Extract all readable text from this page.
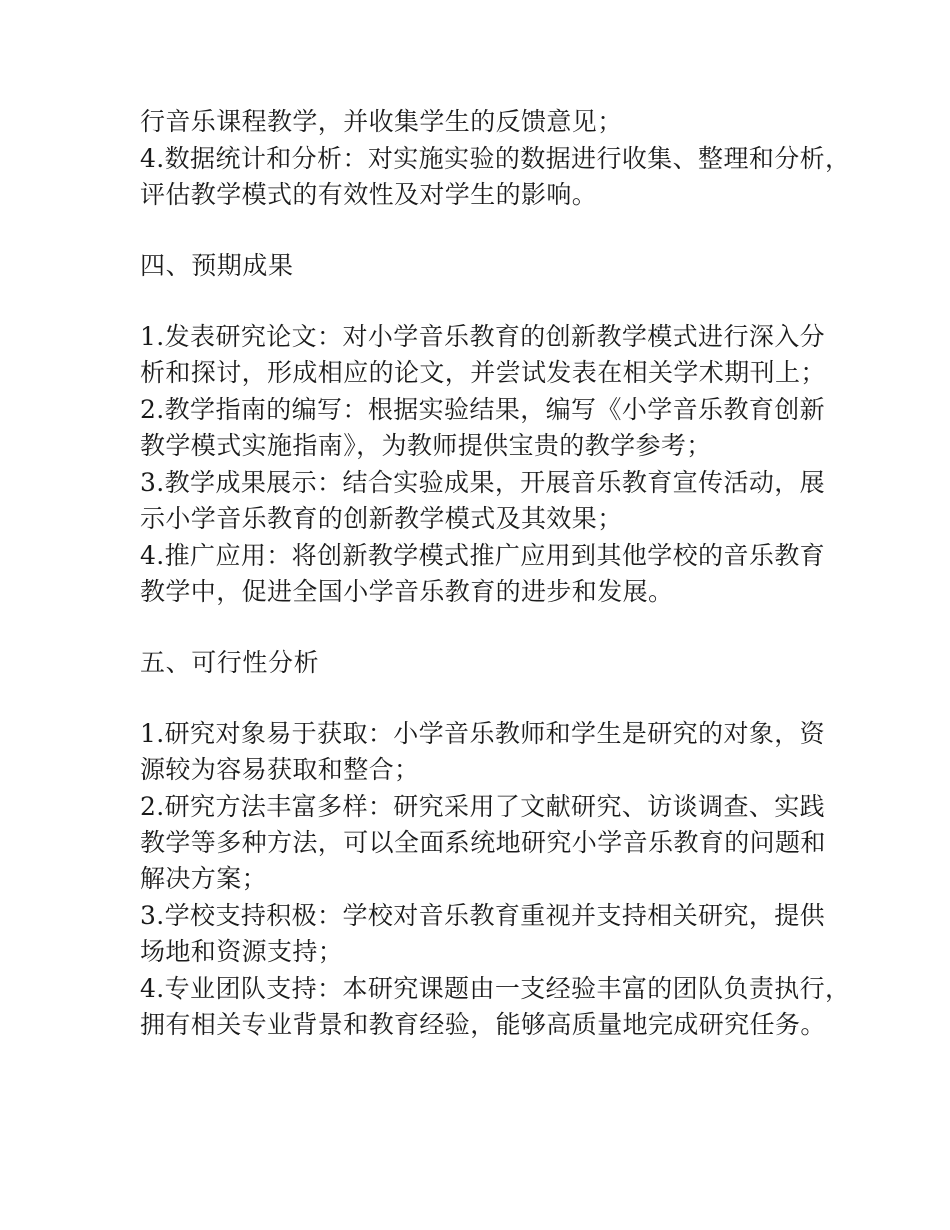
行音乐课程教学，并收集学生的反馈意见；
4.数据统计和分析：对实施实验的数据进行收集、整理和分析，
评估教学模式的有效性及对学生的影响。
四、预期成果
1.发表研究论文：对小学音乐教育的创新教学模式进行深入分
析和探讨，形成相应的论文，并尝试发表在相关学术期刊上；
2.教学指南的编写：根据实验结果，编写《小学音乐教育创新
教学模式实施指南》，为教师提供宝贵的教学参考；
3.教学成果展示：结合实验成果，开展音乐教育宣传活动，展
示小学音乐教育的创新教学模式及其效果；
4.推广应用：将创新教学模式推广应用到其他学校的音乐教育
教学中，促进全国小学音乐教育的进步和发展。
五、可行性分析
1.研究对象易于获取：小学音乐教师和学生是研究的对象，资
源较为容易获取和整合；
2.研究方法丰富多样：研究采用了文献研究、访谈调查、实践
教学等多种方法，可以全面系统地研究小学音乐教育的问题和
解决方案；
3.学校支持积极：学校对音乐教育重视并支持相关研究，提供
场地和资源支持；
4.专业团队支持：本研究课题由一支经验丰富的团队负责执行，
拥有相关专业背景和教育经验，能够高质量地完成研究任务。
